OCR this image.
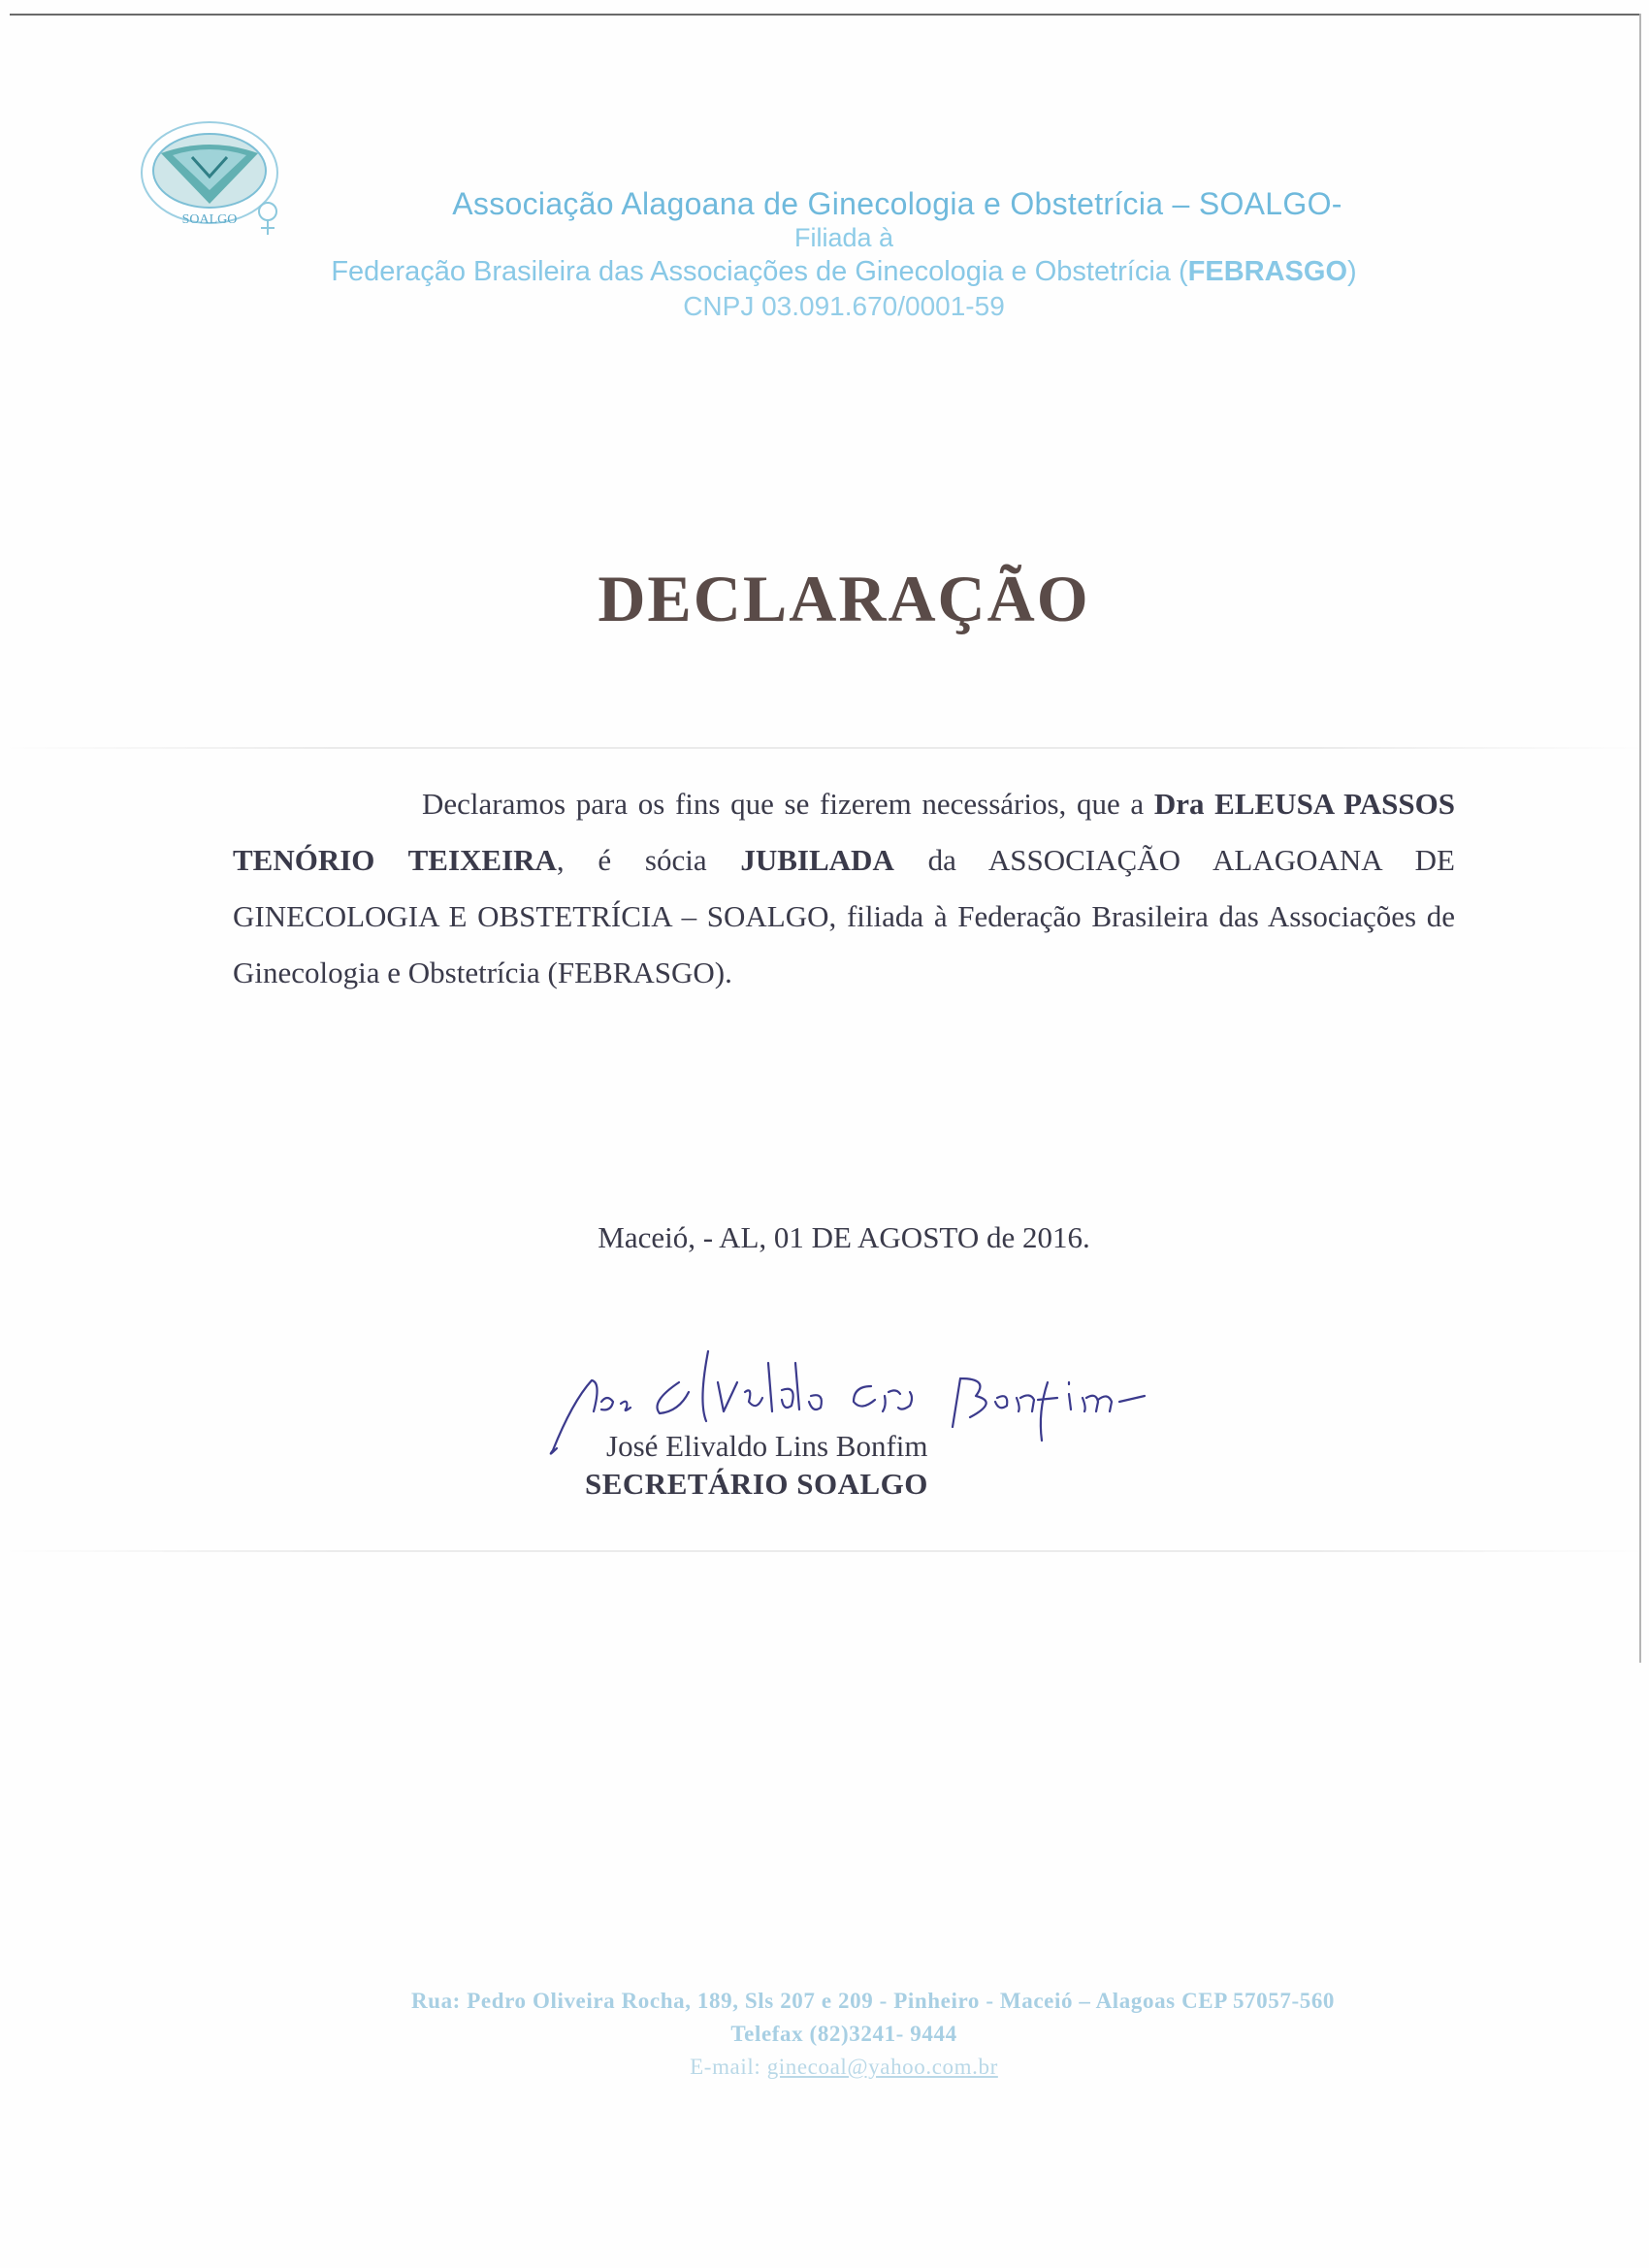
SOALGO	Associação Alagoana de Ginecologia e Obstetrícia – SOALGO-
Filiada à
Federação Brasileira das Associações de Ginecologia e Obstetrícia (FEBRASGO)
CNPJ 03.091.670/0001-59
DECLARAÇÃO
Declaramos para os fins que se fizerem necessários, que a Dra ELEUSA PASSOS TENÓRIO TEIXEIRA, é sócia JUBILADA da ASSOCIAÇÃO ALAGOANA DE GINECOLOGIA E OBSTETRÍCIA – SOALGO, filiada à Federação Brasileira das Associações de Ginecologia e Obstetrícia (FEBRASGO).
Maceió, - AL, 01 DE AGOSTO de 2016.
José Elivaldo Lins Bonfim
SECRETÁRIO SOALGO
Rua: Pedro Oliveira Rocha, 189, Sls 207 e 209 - Pinheiro - Maceió – Alagoas CEP 57057-560
Telefax (82)3241- 9444
E-mail: ginecoal@yahoo.com.br
